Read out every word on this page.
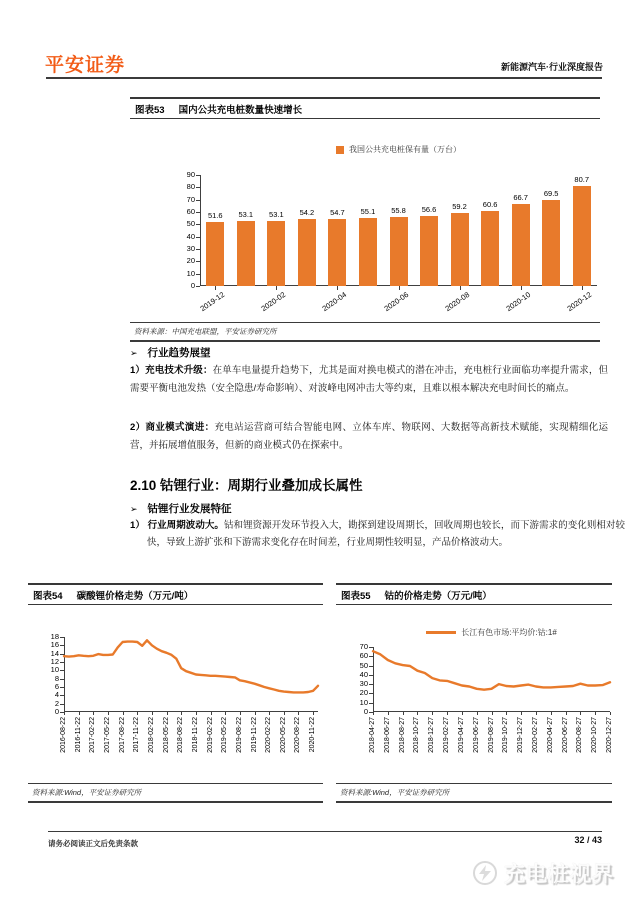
平安证券	新能源汽车·行业深度报告
图表53 国内公共充电桩数量快速增长
我国公共充电桩保有量（万台）
0
10
20
30
40
50
60
70
80
90
51.6	53.1	53.1	54.2	54.7	55.1	55.8	56.6	59.2	60.6
66.7	69.5
80.7
2019-12	2020-02	2020-04	2020-06	2020-08	2020-10	2020-12
资料来源：中国充电联盟，平安证券研究所
➢ 行业趋势展望
1）充电技术升级：在单车电量提升趋势下，尤其是面对换电模式的潜在冲击，充电桩行业面临功率提升需求，但需要平衡电池发热（安全隐患/寿命影响）、对波峰电网冲击大等约束，且难以根本解决充电时间长的痛点。
2）商业模式演进：充电站运营商可结合智能电网、立体车库、物联网、大数据等高新技术赋能，实现精细化运营，并拓展增值服务，但新的商业模式仍在探索中。
2.10 钴锂行业：周期行业叠加成长属性
➢ 钴锂行业发展特征
1） 行业周期波动大。钴和锂资源开发环节投入大，勘探到建设周期长，回收周期也较长，而下游需求的变化则相对较快，导致上游扩张和下游需求变化存在时间差，行业周期性较明显，产品价格波动大。
图表54 碳酸锂价格走势（万元/吨）
0
2
4
6
8
10
12
14
16
18
2016-08-22 2016-11-22 2017-02-22 2017-05-22 2017-08-22 2017-11-22 2018-02-22 2018-05-22 2018-08-22 2018-11-22 2019-02-22 2019-05-22 2019-08-22 2019-11-22 2020-02-22 2020-05-22 2020-08-22 2020-11-22
资料来源:Wind，平安证券研究所
图表55 钴的价格走势（万元/吨）
长江有色市场:平均价:钴:1#
0
10
20
30
40
50
60
70
2018-04-27 2018-06-27 2018-08-27 2018-10-27 2018-12-27 2019-02-27 2019-04-27 2019-06-27 2019-08-27 2019-10-27 2019-12-27 2020-02-27 2020-04-27 2020-06-27 2020-08-27 2020-10-27 2020-12-27
资料来源:Wind，平安证券研究所
请务必阅读正文后免责条款	32 / 43
充电桩视界
